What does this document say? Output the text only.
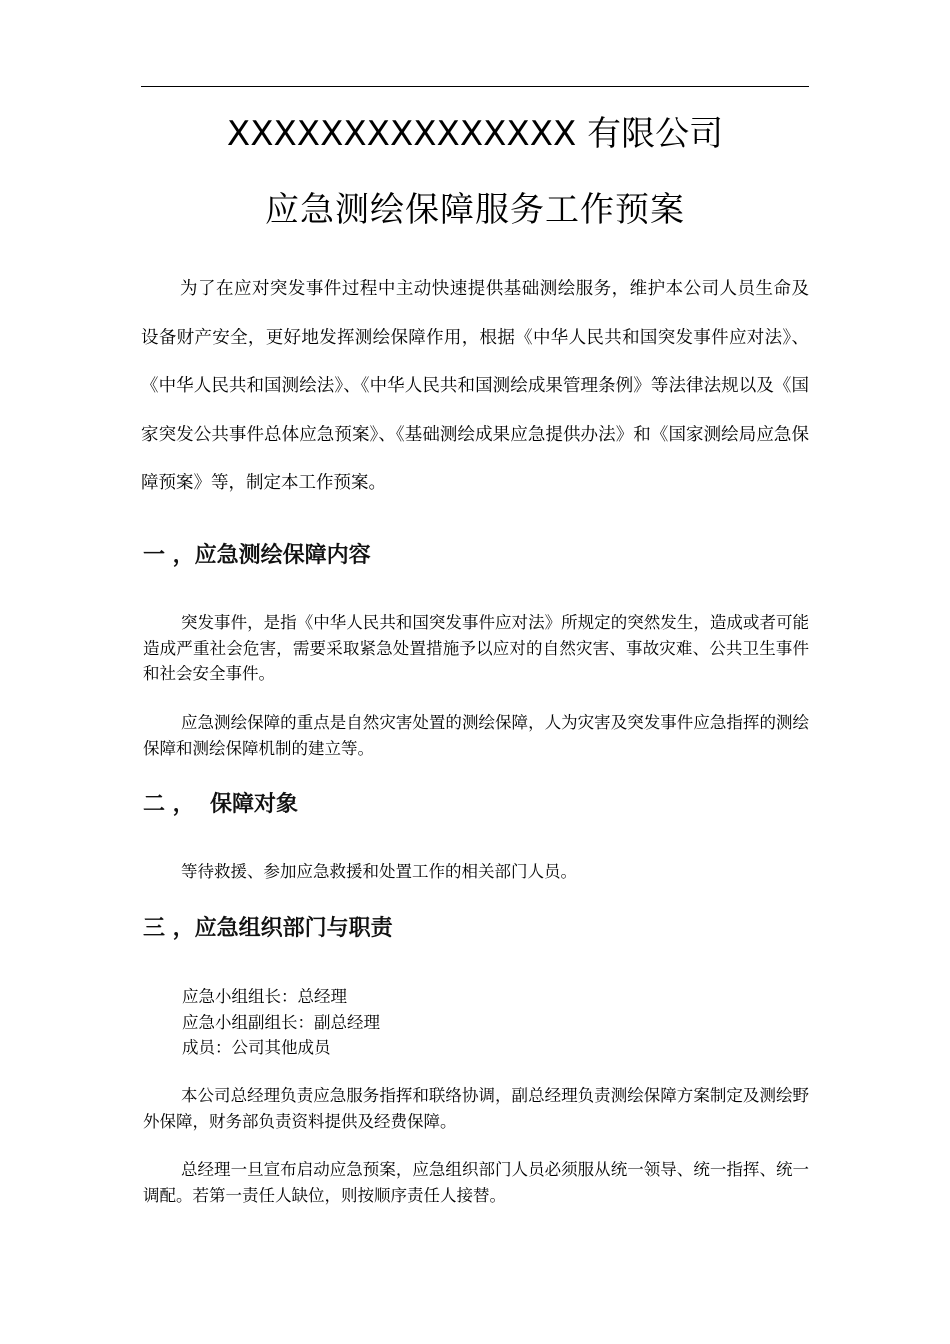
XXXXXXXXXXXXXXX 有限公司
应急测绘保障服务工作预案

为了在应对突发事件过程中主动快速提供基础测绘服务，维护本公司人员生命及设备财产安全，更好地发挥测绘保障作用，根据《中华人民共和国突发事件应对法》、《中华人民共和国测绘法》、《中华人民共和国测绘成果管理条例》等法律法规以及《国家突发公共事件总体应急预案》、《基础测绘成果应急提供办法》和《国家测绘局应急保障预案》等，制定本工作预案。

一 ，应急测绘保障内容

突发事件，是指《中华人民共和国突发事件应对法》所规定的突然发生，造成或者可能造成严重社会危害，需要采取紧急处置措施予以应对的自然灾害、事故灾难、公共卫生事件和社会安全事件。

应急测绘保障的重点是自然灾害处置的测绘保障，人为灾害及突发事件应急指挥的测绘保障和测绘保障机制的建立等。

二 ，  保障对象

等待救援、参加应急救援和处置工作的相关部门人员。

三 ，应急组织部门与职责
应急小组组长：总经理
应急小组副组长：副总经理
成员：公司其他成员

本公司总经理负责应急服务指挥和联络协调，副总经理负责测绘保障方案制定及测绘野外保障，财务部负责资料提供及经费保障。

总经理一旦宣布启动应急预案，应急组织部门人员必须服从统一领导、统一指挥、统一调配。若第一责任人缺位，则按顺序责任人接替。
